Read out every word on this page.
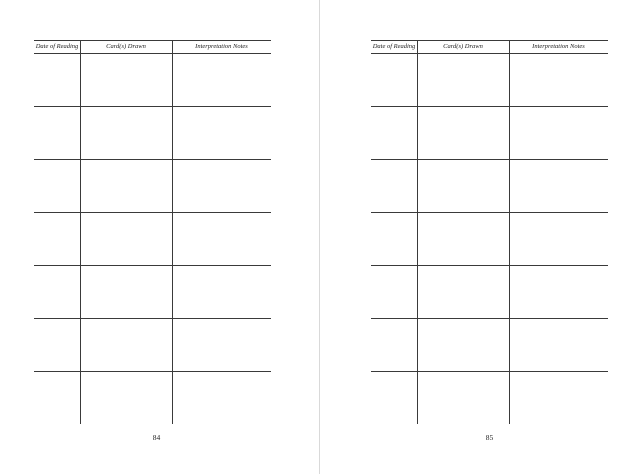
Date of Reading	Card(s) Drawn	Interpretation Notes
84
Date of Reading	Card(s) Drawn	Interpretation Notes
85
